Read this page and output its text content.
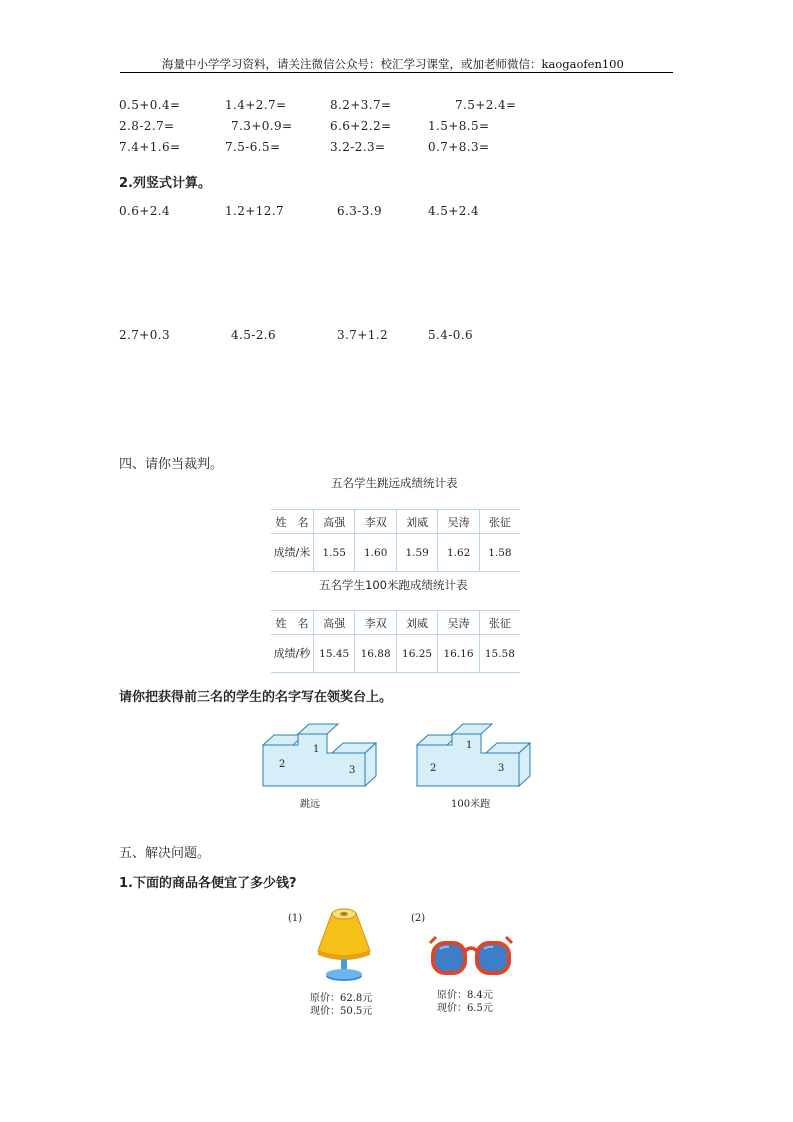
海量中小学学习资料，请关注微信公众号：校汇学习课堂，或加老师微信：kaogaofen100
0.5+0.4=	1.4+2.7=	8.2+3.7=	7.5+2.4=
2.8-2.7=	7.3+0.9=	6.6+2.2=	1.5+8.5=
7.4+1.6=	7.5-6.5=	3.2-2.3=	0.7+8.3=
2.列竖式计算。
0.6+2.4	1.2+12.7	6.3-3.9	4.5+2.4
2.7+0.3	4.5-2.6	3.7+1.2	5.4-0.6
四、请你当裁判。
五名学生跳远成绩统计表
姓　名	高强	李双	刘威	吴涛	张征
成绩/米	1.55	1.60	1.59	1.62	1.58
五名学生100米跑成绩统计表
姓　名	高强	李双	刘威	吴涛	张征
成绩/秒	15.45	16.88	16.25	16.16	15.58
请你把获得前三名的学生的名字写在领奖台上。
1
2
3
跳远
1
2	3
100米跑
五、解决问题。
1.下面的商品各便宜了多少钱?
(1)
原价：62.8元
现价：50.5元
(2)
原价：8.4元
现价：6.5元
